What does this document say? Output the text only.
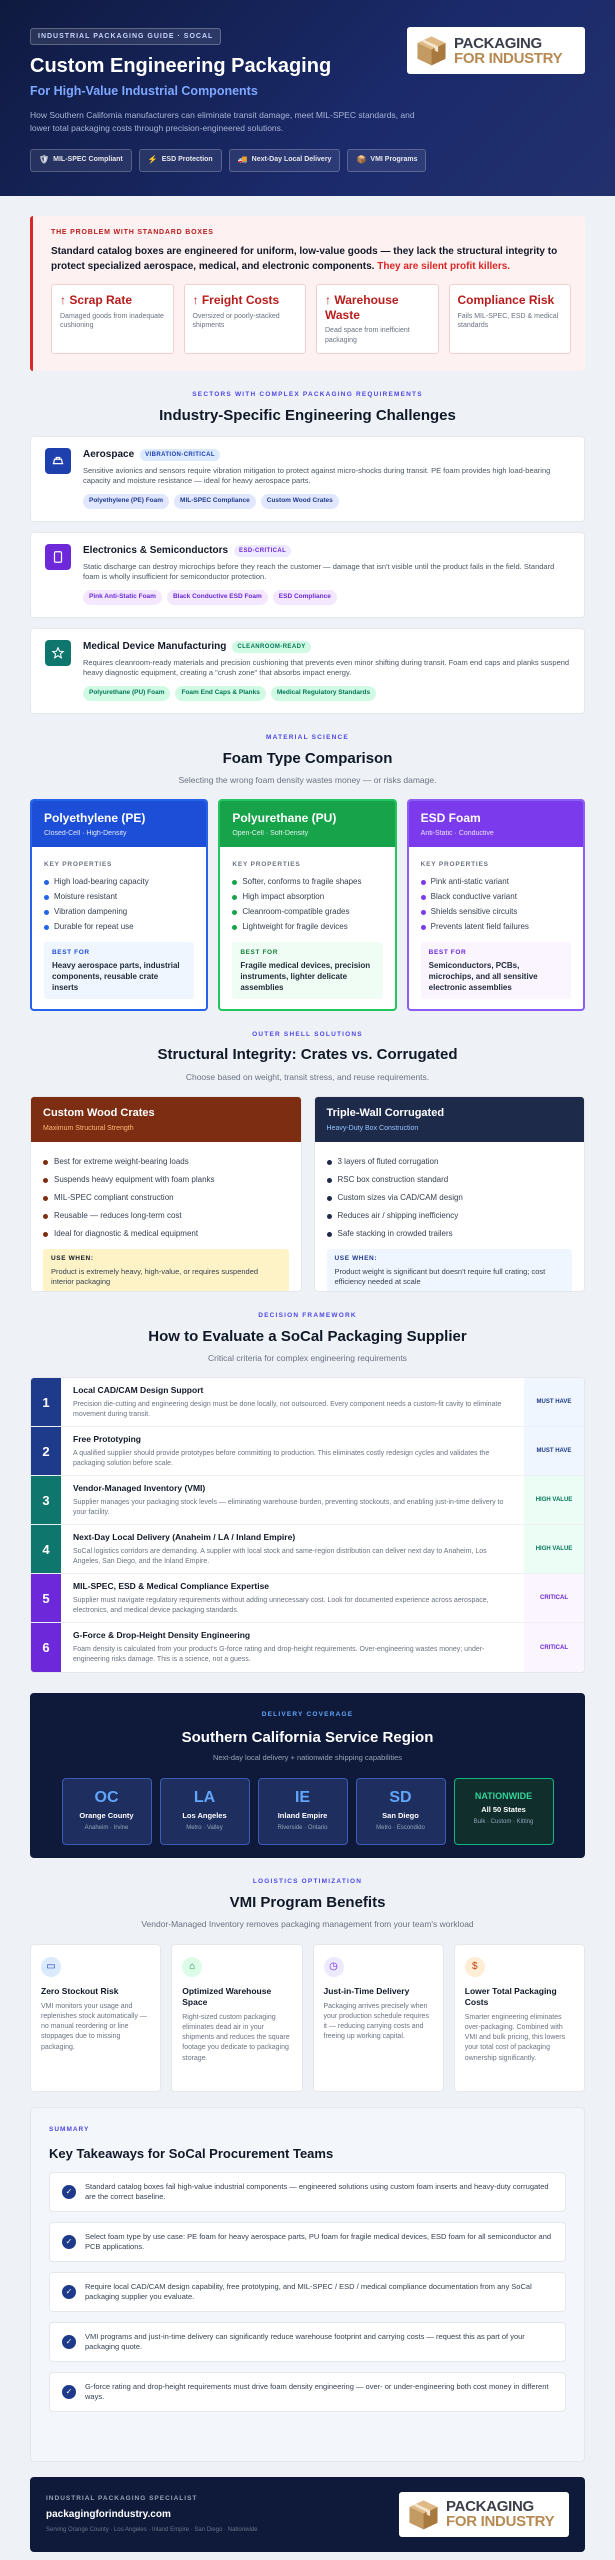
INDUSTRIAL PACKAGING GUIDE · SOCAL
Custom Engineering Packaging
For High-Value Industrial Components

How Southern California manufacturers can eliminate transit damage, meet MIL-SPEC standards, and lower total packaging costs through precision-engineered solutions.

🛡 MIL-SPEC Compliant	⚡ ESD Protection	🚚 Next-Day Local Delivery	📦 VMI Programs
PACKAGING
FOR INDUSTRY
THE PROBLEM WITH STANDARD BOXES
Standard catalog boxes are engineered for uniform, low-value goods — they lack the structural integrity to protect specialized aerospace, medical, and electronic components. They are silent profit killers.
↑ Scrap Rate

Damaged goods from inadequate cushioning

↑ Freight Costs

Oversized or poorly-stacked shipments

↑ Warehouse Waste

Dead space from inefficient packaging

Compliance Risk

Fails MIL-SPEC, ESD & medical standards

SECTORS WITH COMPLEX PACKAGING REQUIREMENTS
Industry-Specific Engineering Challenges
Aerospace	VIBRATION-CRITICAL

Sensitive avionics and sensors require vibration mitigation to protect against micro-shocks during transit. PE foam provides high load-bearing capacity and moisture resistance — ideal for heavy aerospace parts.

Polyethylene (PE) Foam	MIL-SPEC Compliance	Custom Wood Crates
Electronics & Semiconductors	ESD-CRITICAL

Static discharge can destroy microchips before they reach the customer — damage that isn't visible until the product fails in the field. Standard foam is wholly insufficient for semiconductor protection.

Pink Anti-Static Foam	Black Conductive ESD Foam	ESD Compliance
Medical Device Manufacturing	CLEANROOM-READY

Requires cleanroom-ready materials and precision cushioning that prevents even minor shifting during transit. Foam end caps and planks suspend heavy diagnostic equipment, creating a "crush zone" that absorbs impact energy.

Polyurethane (PU) Foam	Foam End Caps & Planks	Medical Regulatory Standards
MATERIAL SCIENCE
Foam Type Comparison
Selecting the wrong foam density wastes money — or risks damage.
Polyethylene (PE)

Closed-Cell · High-Density

KEY PROPERTIES
High load-bearing capacity
Moisture resistant
Vibration dampening
Durable for repeat use
BEST FOR
Heavy aerospace parts, industrial components, reusable crate inserts
Polyurethane (PU)

Open-Cell · Soft-Density

KEY PROPERTIES
Softer, conforms to fragile shapes
High impact absorption
Cleanroom-compatible grades
Lightweight for fragile devices
BEST FOR
Fragile medical devices, precision instruments, lighter delicate assemblies
ESD Foam

Anti-Static · Conductive

KEY PROPERTIES
Pink anti-static variant
Black conductive variant
Shields sensitive circuits
Prevents latent field failures
BEST FOR
Semiconductors, PCBs, microchips, and all sensitive electronic assemblies
OUTER SHELL SOLUTIONS
Structural Integrity: Crates vs. Corrugated
Choose based on weight, transit stress, and reuse requirements.
Custom Wood Crates

Maximum Structural Strength

Best for extreme weight-bearing loads
Suspends heavy equipment with foam planks
MIL-SPEC compliant construction
Reusable — reduces long-term cost
Ideal for diagnostic & medical equipment
USE WHEN:
Product is extremely heavy, high-value, or requires suspended interior packaging
Triple-Wall Corrugated

Heavy-Duty Box Construction

3 layers of fluted corrugation
RSC box construction standard
Custom sizes via CAD/CAM design
Reduces air / shipping inefficiency
Safe stacking in crowded trailers
USE WHEN:
Product weight is significant but doesn't require full crating; cost efficiency needed at scale
DECISION FRAMEWORK
How to Evaluate a SoCal Packaging Supplier
Critical criteria for complex engineering requirements
1
Local CAD/CAM Design Support

Precision die-cutting and engineering design must be done locally, not outsourced. Every component needs a custom-fit cavity to eliminate movement during transit.

MUST HAVE
2
Free Prototyping

A qualified supplier should provide prototypes before committing to production. This eliminates costly redesign cycles and validates the packaging solution before scale.

MUST HAVE
3
Vendor-Managed Inventory (VMI)

Supplier manages your packaging stock levels — eliminating warehouse burden, preventing stockouts, and enabling just-in-time delivery to your facility.

HIGH VALUE
4
Next-Day Local Delivery (Anaheim / LA / Inland Empire)

SoCal logistics corridors are demanding. A supplier with local stock and same-region distribution can deliver next day to Anaheim, Los Angeles, San Diego, and the Inland Empire.

HIGH VALUE
5
MIL-SPEC, ESD & Medical Compliance Expertise

Supplier must navigate regulatory requirements without adding unnecessary cost. Look for documented experience across aerospace, electronics, and medical device packaging standards.

CRITICAL
6
G-Force & Drop-Height Density Engineering

Foam density is calculated from your product's G-force rating and drop-height requirements. Over-engineering wastes money; under-engineering risks damage. This is a science, not a guess.

CRITICAL
DELIVERY COVERAGE
Southern California Service Region
Next-day local delivery + nationwide shipping capabilities
OC
Orange County
Anaheim · Irvine
LA
Los Angeles
Metro · Valley
IE
Inland Empire
Riverside · Ontario
SD
San Diego
Metro · Escondido
NATIONWIDE
All 50 States
Bulk · Custom · Kitting
LOGISTICS OPTIMIZATION
VMI Program Benefits
Vendor-Managed Inventory removes packaging management from your team's workload
▭
Zero Stockout Risk

VMI monitors your usage and replenishes stock automatically — no manual reordering or line stoppages due to missing packaging.

⌂
Optimized Warehouse Space

Right-sized custom packaging eliminates dead air in your shipments and reduces the square footage you dedicate to packaging storage.

◷
Just-in-Time Delivery

Packaging arrives precisely when your production schedule requires it — reducing carrying costs and freeing up working capital.

$
Lower Total Packaging Costs

Smarter engineering eliminates over-packaging. Combined with VMI and bulk pricing, this lowers your total cost of packaging ownership significantly.

SUMMARY
Key Takeaways for SoCal Procurement Teams
✓

Standard catalog boxes fail high-value industrial components — engineered solutions using custom foam inserts and heavy-duty corrugated are the correct baseline.

✓

Select foam type by use case: PE foam for heavy aerospace parts, PU foam for fragile medical devices, ESD foam for all semiconductor and PCB applications.

✓

Require local CAD/CAM design capability, free prototyping, and MIL-SPEC / ESD / medical compliance documentation from any SoCal packaging supplier you evaluate.

✓

VMI programs and just-in-time delivery can significantly reduce warehouse footprint and carrying costs — request this as part of your packaging quote.

✓

G-force rating and drop-height requirements must drive foam density engineering — over- or under-engineering both cost money in different ways.

INDUSTRIAL PACKAGING SPECIALIST
packagingforindustry.com
Serving Orange County · Los Angeles · Inland Empire · San Diego · Nationwide
PACKAGING
FOR INDUSTRY
